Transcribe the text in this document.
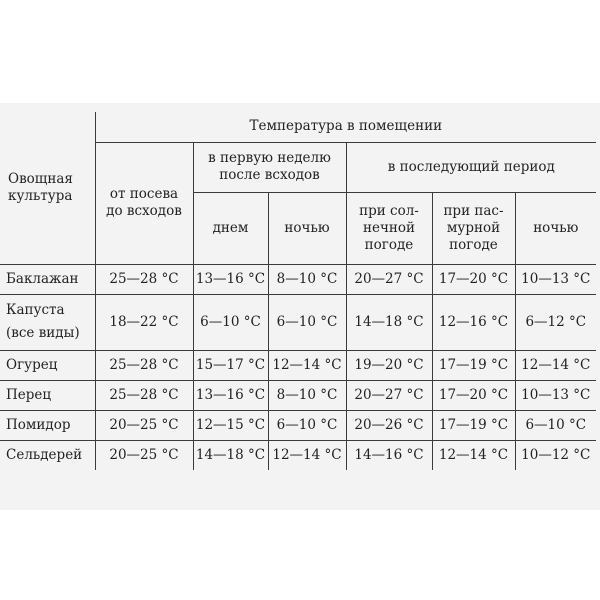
Овощная
культура	Температура в помещении					

	от посева
до всходов	в первую неделю
после всходов		в последующий период		
		днем	ночью	при сол-
нечной
погоде	при пас-
мурной
погоде	ночью

Баклажан	25—28 °С	13—16 °С	8—10 °С	20—27 °С	17—20 °С	10—13 °С

Капуста
(все виды)	18—22 °С	6—10 °С	6—10 °С	14—18 °С	12—16 °С	6—12 °С

Огурец	25—28 °С	15—17 °С	12—14 °С	19—20 °С	17—19 °С	12—14 °С

Перец	25—28 °С	13—16 °С	8—10 °С	20—27 °С	17—20 °С	10—13 °С

Помидор	20—25 °С	12—15 °С	6—10 °С	20—26 °С	17—19 °С	6—10 °С

Сельдерей	20—25 °С	14—18 °С	12—14 °С	14—16 °С	12—14 °С	10—12 °С
